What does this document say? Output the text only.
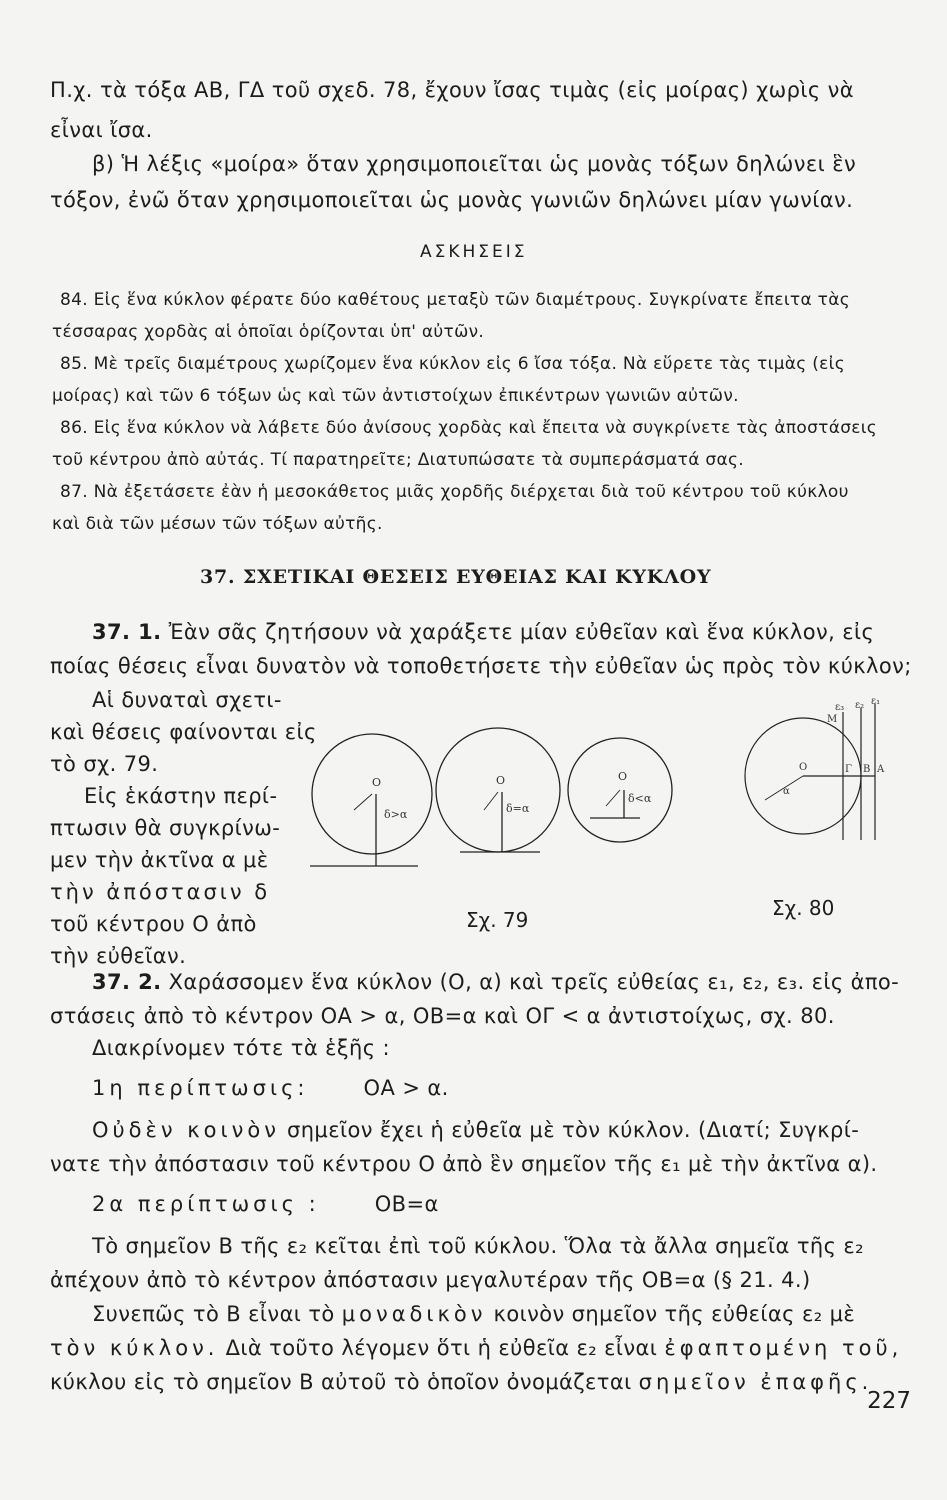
Π.χ. τὰ τόξα ΑΒ, ΓΔ τοῦ σχεδ. 78, ἔχουν ἴσας τιμὰς (εἰς μοίρας) χωρὶς νὰ
εἶναι ἴσα.
β) Ἡ λέξις «μοίρα» ὅταν χρησιμοποιεῖται ὡς μονὰς τόξων δηλώνει ἓν
τόξον, ἐνῶ ὅταν χρησιμοποιεῖται ὡς μονὰς γωνιῶν δηλώνει μίαν γωνίαν.
ΑΣΚΗΣΕΙΣ
84. Εἰς ἕνα κύκλον φέρατε δύο καθέτους μεταξὺ τῶν διαμέτρους. Συγκρίνατε ἔπειτα τὰς
τέσσαρας χορδὰς αἱ ὁποῖαι ὁρίζονται ὑπ' αὐτῶν.
85. Μὲ τρεῖς διαμέτρους χωρίζομεν ἕνα κύκλον εἰς 6 ἴσα τόξα. Νὰ εὕρετε τὰς τιμὰς (εἰς
μοίρας) καὶ τῶν 6 τόξων ὡς καὶ τῶν ἀντιστοίχων ἐπικέντρων γωνιῶν αὐτῶν.
86. Εἰς ἕνα κύκλον νὰ λάβετε δύο ἀνίσους χορδὰς καὶ ἔπειτα νὰ συγκρίνετε τὰς ἀποστάσεις
τοῦ κέντρου ἀπὸ αὐτάς. Τί παρατηρεῖτε; Διατυπώσατε τὰ συμπεράσματά σας.
87. Νὰ ἐξετάσετε ἐὰν ἡ μεσοκάθετος μιᾶς χορδῆς διέρχεται διὰ τοῦ κέντρου τοῦ κύκλου
καὶ διὰ τῶν μέσων τῶν τόξων αὐτῆς.
37. ΣΧΕΤΙΚΑΙ ΘΕΣΕΙΣ ΕΥΘΕΙΑΣ ΚΑΙ ΚΥΚΛΟΥ
37. 1. Ἐὰν σᾶς ζητήσουν νὰ χαράξετε μίαν εὐθεῖαν καὶ ἕνα κύκλον, εἰς
ποίας θέσεις εἶναι δυνατὸν νὰ τοποθετήσετε τὴν εὐθεῖαν ὡς πρὸς τὸν κύκλον;
Αἱ δυναταὶ σχετι-
καὶ θέσεις φαίνονται εἰς
τὸ σχ. 79.
Εἰς ἑκάστην περί-
πτωσιν θὰ συγκρίνω-
μεν τὴν ἀκτῖνα α μὲ
τὴν ἀπόστασιν δ
τοῦ κέντρου Ο ἀπὸ
τὴν εὐθεῖαν.
Ο
δ>α
Ο
δ=α
Ο
δ<α
Ο
α
Γ Β Α
ε₃ ε₂ ε₁
Μ
Σχ. 79	Σχ. 80
37. 2. Χαράσσομεν ἕνα κύκλον (Ο, α) καὶ τρεῖς εὐθείας ε₁, ε₂, ε₃. εἰς ἀπο-
στάσεις ἀπὸ τὸ κέντρον ΟΑ > α, ΟΒ=α καὶ ΟΓ < α ἀντιστοίχως, σχ. 80.
Διακρίνομεν τότε τὰ ἑξῆς :
1η περίπτωσις:	ΟΑ > α.
Οὐδὲν κοινὸν σημεῖον ἔχει ἡ εὐθεῖα μὲ τὸν κύκλον. (Διατί; Συγκρί-
νατε τὴν ἀπόστασιν τοῦ κέντρου Ο ἀπὸ ἓν σημεῖον τῆς ε₁ μὲ τὴν ἀκτῖνα α).
2α περίπτωσις :	ΟΒ=α
Τὸ σημεῖον Β τῆς ε₂ κεῖται ἐπὶ τοῦ κύκλου. Ὅλα τὰ ἄλλα σημεῖα τῆς ε₂
ἀπέχουν ἀπὸ τὸ κέντρον ἀπόστασιν μεγαλυτέραν τῆς ΟΒ=α (§ 21. 4.)
Συνεπῶς τὸ Β εἶναι τὸ μοναδικὸν κοινὸν σημεῖον τῆς εὐθείας ε₂ μὲ
τὸν κύκλον. Διὰ τοῦτο λέγομεν ὅτι ἡ εὐθεῖα ε₂ εἶναι ἐφαπτομένη τοῦ,
κύκλου εἰς τὸ σημεῖον Β αὐτοῦ τὸ ὁποῖον ὀνομάζεται σημεῖον ἐπαφῆς.
227
